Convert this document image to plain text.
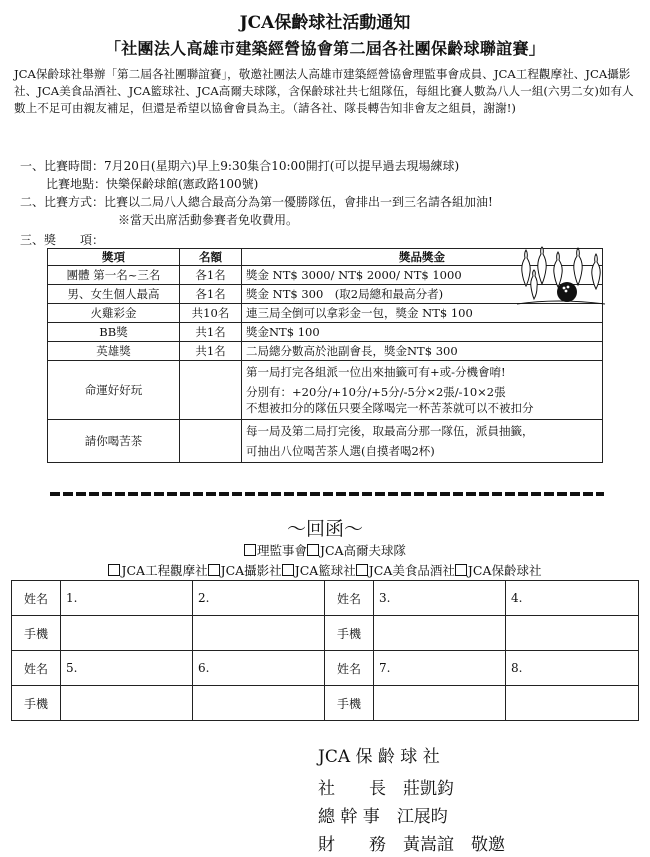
JCA保齡球社活動通知
「社團法人高雄市建築經營協會第二屆各社團保齡球聯誼賽」
JCA保齡球社舉辦「第二屆各社團聯誼賽」，敬邀社團法人高雄市建築經營協會理監事會成員、JCA工程觀摩社、JCA攝影社、JCA美食品酒社、JCA籃球社、JCA高爾夫球隊，含保齡球社共七組隊伍，每組比賽人數為八人一組(六男二女)如有人數上不足可由親友補足，但還是希望以協會會員為主。（請各社、隊長轉告知非會友之組員，謝謝!)
一、比賽時間：7月20日(星期六)早上9:30集合10:00開打(可以提早過去現場練球)
比賽地點：快樂保齡球館(憲政路100號)
二、比賽方式：比賽以二局八人總合最高分為第一優勝隊伍，會排出一到三名請各組加油!
※當天出席活動參賽者免收費用。
三、獎　　項：
獎項	名額	獎品獎金
團體 第一名~三名	各1名	獎金 NT$ 3000/ NT$ 2000/ NT$ 1000
男、女生個人最高	各1名	獎金 NT$ 300　(取2局總和最高分者)
火雞彩金	共10名	連三局全倒可以拿彩金一包，獎金 NT$ 100
BB獎	共1名	獎金NT$ 100
英雄獎	共1名	二局總分數高於池副會長，獎金NT$ 300
命運好好玩		第一局打完各組派一位出來抽籤可有+或-分機會唷!
分別有：+20分/+10分/+5分/-5分×2張/-10×2張
不想被扣分的隊伍只要全隊喝完一杯苦茶就可以不被扣分

請你喝苦茶		每一局及第二局打完後，取最高分那一隊伍，派員抽籤，
可抽出八位喝苦茶人選(自摸者喝2杯)
～回函～
理監事會 JCA高爾夫球隊
JCA工程觀摩社 JCA攝影社 JCA籃球社 JCA美食品酒社 JCA保齡球社
姓名	1.	2.	姓名	3.	4.
手機			手機		
姓名	5.	6.	姓名	7.	8.
手機			手機		
JCA 保 齡 球 社
社　　長　 莊凱鈞
總 幹 事　 江展昀
財　　務　 黃嵩誼　 敬邀
